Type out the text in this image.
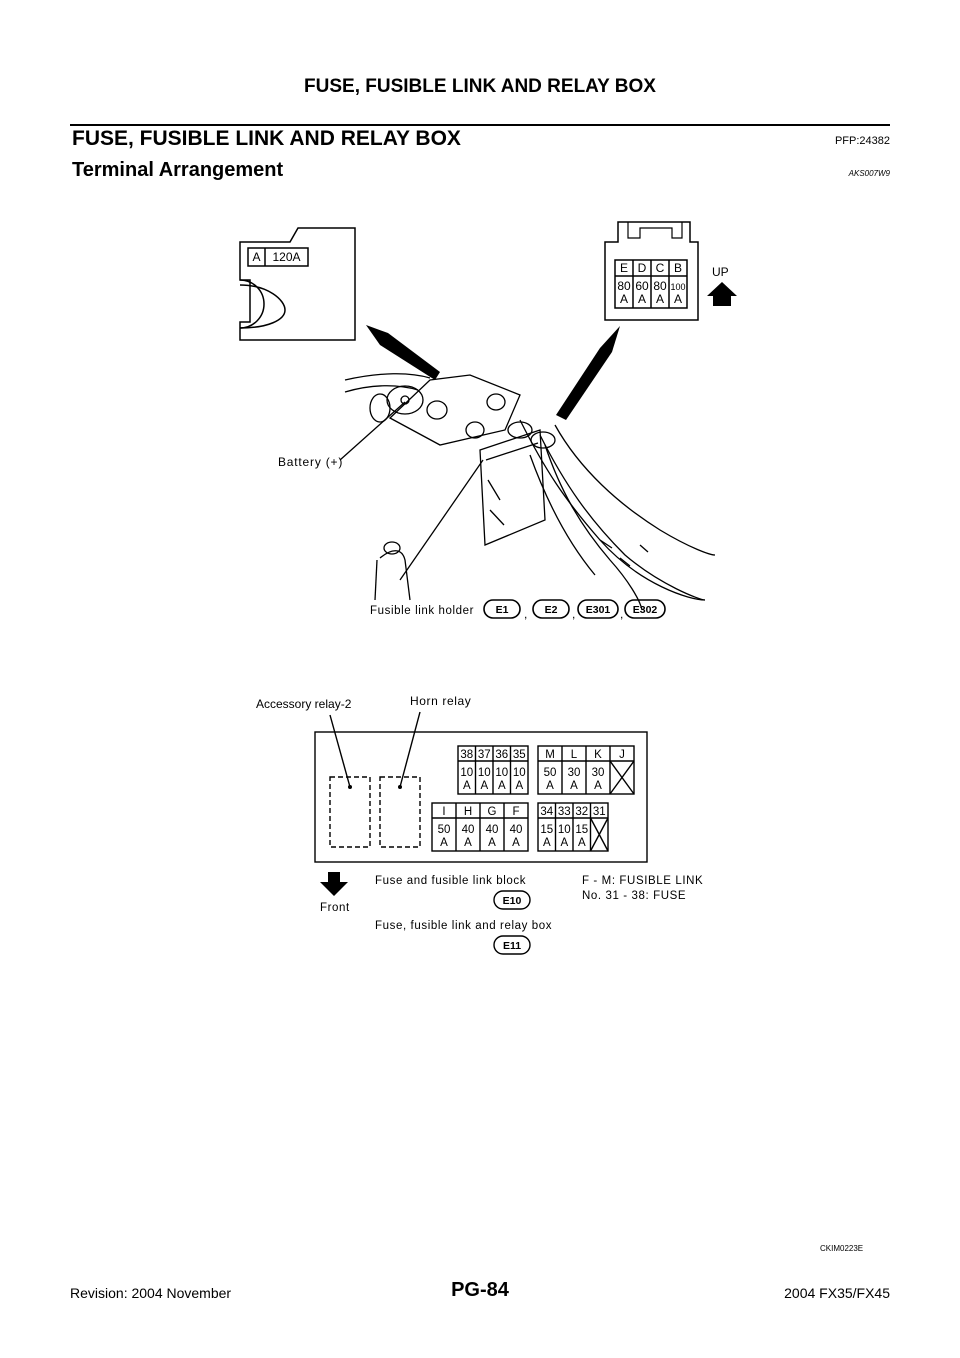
FUSE, FUSIBLE LINK AND RELAY BOX
FUSE, FUSIBLE LINK AND RELAY BOX	PFP:24382
Terminal Arrangement	AKS007W9
A 120A
E D C B
80 60 80 100
A A A A
UP
Battery (+)
Fusible link holder E1	E2	E301 E302
,	,	,
Accessory relay-2	Horn relay
38 37 36 35
10 10 10 10
A A A A
M L K J
50 30 30
A A A
I H G F
50 40 40 40
A A A A
34 33 32 31
15 10 15
A A A
Front
Fuse and fusible link block
E10
Fuse, fusible link and relay box
E11
F - M: FUSIBLE LINK
No. 31 - 38: FUSE
CKIM0223E
Revision: 2004 November	PG-84	2004 FX35/FX45
